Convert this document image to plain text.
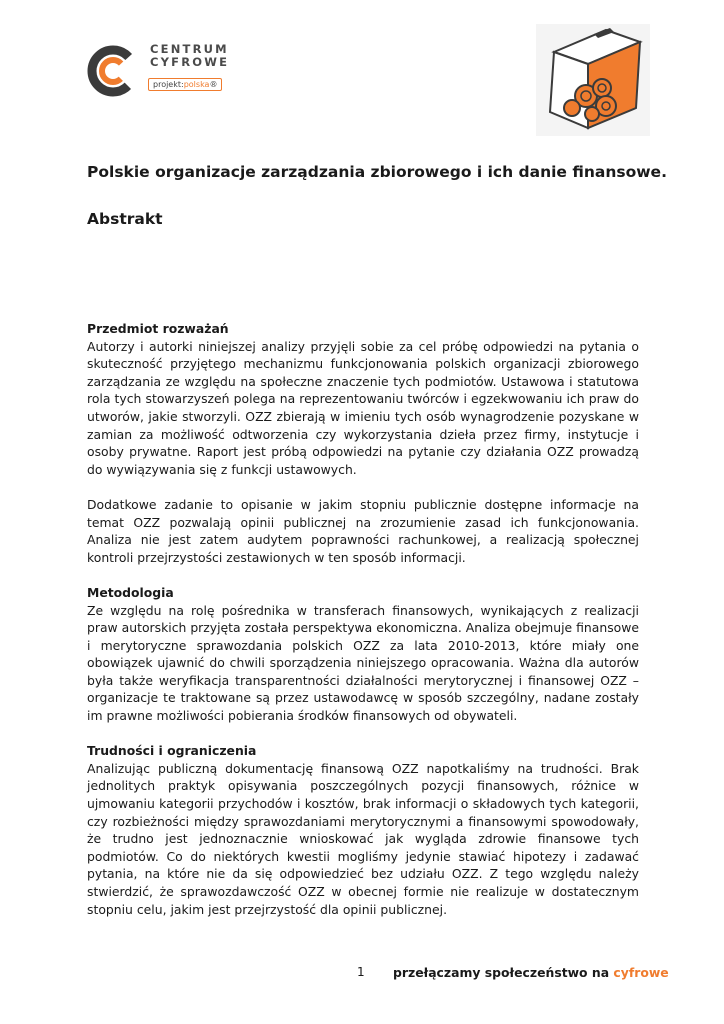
CENTRUM
CYFROWE
projekt:polska®
Polskie organizacje zarządzania zbiorowego i ich danie finansowe.
Abstrakt
Przedmiot rozważań

Autorzy i autorki niniejszej analizy przyjęli sobie za cel próbę odpowiedzi na pytania o skuteczność przyjętego mechanizmu funkcjonowania polskich organizacji zbiorowego zarządzania ze względu na społeczne znaczenie tych podmiotów. Ustawowa i statutowa rola tych stowarzyszeń polega na reprezentowaniu twórców i egzekwowaniu ich praw do utworów, jakie stworzyli. OZZ zbierają w imieniu tych osób wynagrodzenie pozyskane w zamian za możliwość odtworzenia czy wykorzystania dzieła przez firmy, instytucje i osoby prywatne. Raport jest próbą odpowiedzi na pytanie czy działania OZZ prowadzą do wywiązywania się z funkcji ustawowych.

Dodatkowe zadanie to opisanie w jakim stopniu publicznie dostępne informacje na temat OZZ pozwalają opinii publicznej na zrozumienie zasad ich funkcjonowania. Analiza nie jest zatem audytem poprawności rachunkowej, a realizacją społecznej kontroli przejrzystości zestawionych w ten sposób informacji.

Metodologia

Ze względu na rolę pośrednika w transferach finansowych, wynikających z realizacji praw autorskich przyjęta została perspektywa ekonomiczna. Analiza obejmuje finansowe i merytoryczne sprawozdania polskich OZZ za lata 2010-2013, które miały one obowiązek ujawnić do chwili sporządzenia niniejszego opracowania. Ważna dla autorów była także weryfikacja transparentności działalności merytorycznej i finansowej OZZ – organizacje te traktowane są przez ustawodawcę w sposób szczególny, nadane zostały im prawne możliwości pobierania środków finansowych od obywateli.

Trudności i ograniczenia

Analizując publiczną dokumentację finansową OZZ napotkaliśmy na trudności. Brak jednolitych praktyk opisywania poszczególnych pozycji finansowych, różnice w ujmowaniu kategorii przychodów i kosztów, brak informacji o składowych tych kategorii, czy rozbieżności między sprawozdaniami merytorycznymi a finansowymi spowodowały, że trudno jest jednoznacznie wnioskować jak wygląda zdrowie finansowe tych podmiotów. Co do niektórych kwestii mogliśmy jedynie stawiać hipotezy i zadawać pytania, na które nie da się odpowiedzieć bez udziału OZZ. Z tego względu należy stwierdzić, że sprawozdawczość OZZ w obecnej formie nie realizuje w dostatecznym stopniu celu, jakim jest przejrzystość dla opinii publicznej.

1 przełączamy społeczeństwo na cyfrowe
